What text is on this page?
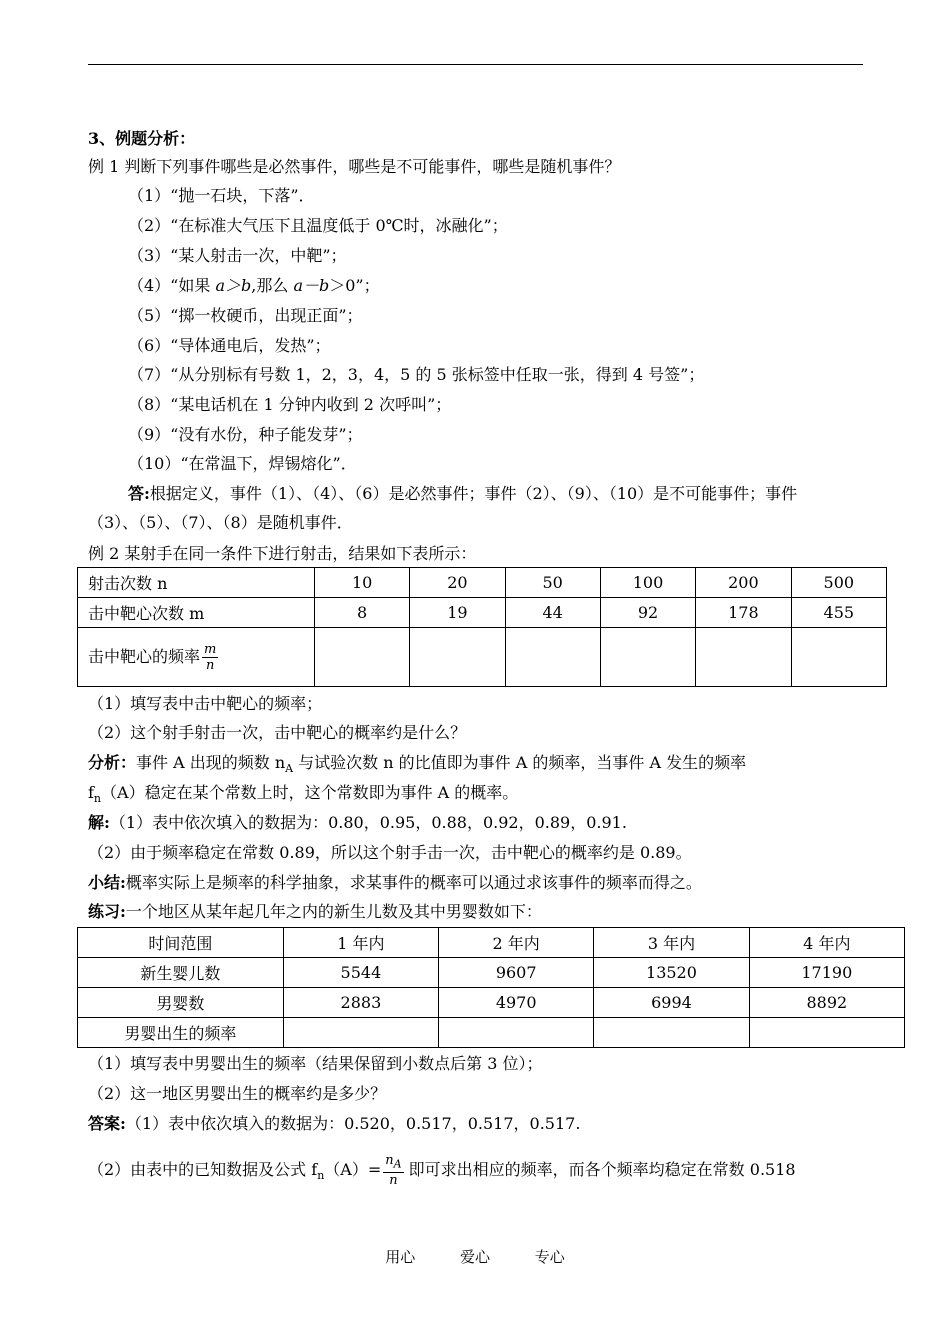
3、例题分析：
例 1 判断下列事件哪些是必然事件，哪些是不可能事件，哪些是随机事件？
（1）“抛一石块，下落”．
（2）“在标准大气压下且温度低于 0℃时，冰融化”；
（3）“某人射击一次，中靶”；
（4）“如果 a＞b,那么 a－b＞0”；
（5）“掷一枚硬币，出现正面”；
（6）“导体通电后，发热”；
（7）“从分别标有号数 1，2，3，4，5 的 5 张标签中任取一张，得到 4 号签”；
（8）“某电话机在 1 分钟内收到 2 次呼叫”；
（9）“没有水份，种子能发芽”；
（10）“在常温下，焊锡熔化”．
答:根据定义，事件（1）、（4）、（6）是必然事件；事件（2）、（9）、（10）是不可能事件；事件
（3）、（5）、（7）、（8）是随机事件．
例 2 某射手在同一条件下进行射击，结果如下表所示：
射击次数 n	10	20	50	100	200	500
击中靶心次数 m	8	19	44	92	178	455
击中靶心的频率 $\frac{m}{n}$

（1）填写表中击中靶心的频率；
（2）这个射手射击一次，击中靶心的概率约是什么？
分析：事件 A 出现的频数 $n_A$ 与试验次数 n 的比值即为事件 A 的频率，当事件 A 发生的频率
$f_n(A)$稳定在某个常数上时，这个常数即为事件 A 的概率。
解:（1）表中依次填入的数据为：0.80，0.95，0.88，0.92，0.89，0.91.
（2）由于频率稳定在常数 0.89，所以这个射手击一次，击中靶心的概率约是 0.89。
小结:概率实际上是频率的科学抽象，求某事件的概率可以通过求该事件的频率而得之。
练习:一个地区从某年起几年之内的新生儿数及其中男婴数如下：
时间范围	1 年内	2 年内	3 年内	4 年内
新生婴儿数	5544	9607	13520	17190
男婴数	2883	4970	6994	8892
男婴出生的频率				
（1）填写表中男婴出生的频率（结果保留到小数点后第 3 位）；
（2）这一地区男婴出生的概率约是多少？
答案:（1）表中依次填入的数据为：0.520，0.517，0.517，0.517.
（2）由表中的已知数据及公式 $f_n(A)= \frac{n_A}{n}$ 即可求出相应的频率，而各个频率均稳定在常数 0.518
用心	爱心	专心
